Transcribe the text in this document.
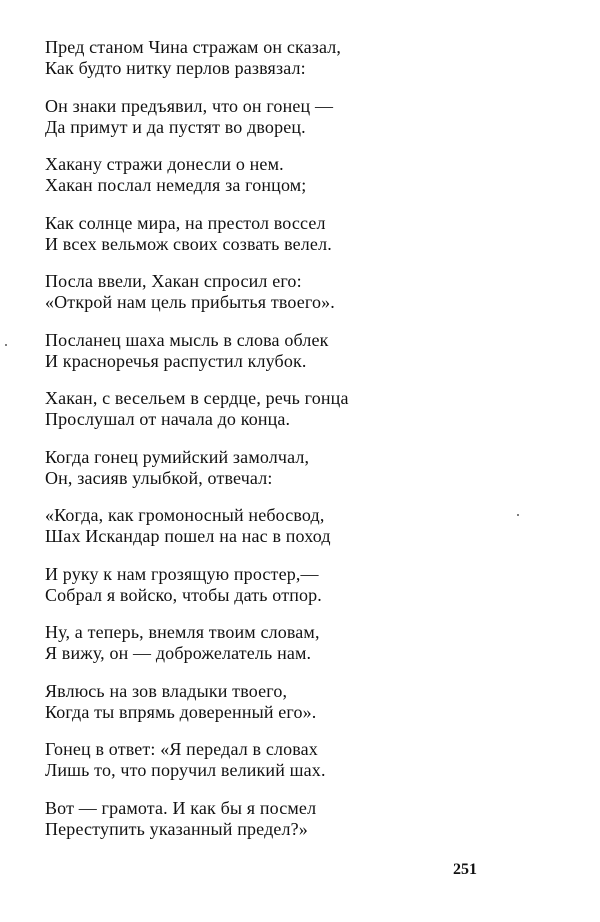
Пред станом Чина стражам он сказал,
Как будто нитку перлов развязал:
Он знаки предъявил, что он гонец —
Да примут и да пустят во дворец.
Хакану стражи донесли о нем.
Хакан послал немедля за гонцом;
Как солнце мира, на престол воссел
И всех вельмож своих созвать велел.
Посла ввели, Хакан спросил его:
«Открой нам цель прибытья твоего».
Посланец шаха мысль в слова облек
И красноречья распустил клубок.
Хакан, с весельем в сердце, речь гонца
Прослушал от начала до конца.
Когда гонец румийский замолчал,
Он, засияв улыбкой, отвечал:
«Когда, как громоносный небосвод,
Шах Искандар пошел на нас в поход
И руку к нам грозящую простер,—
Собрал я войско, чтобы дать отпор.
Ну, а теперь, внемля твоим словам,
Я вижу, он — доброжелатель нам.
Явлюсь на зов владыки твоего,
Когда ты впрямь доверенный его».
Гонец в ответ: «Я передал в словах
Лишь то, что поручил великий шах.
Вот — грамота. И как бы я посмел
Переступить указанный предел?»
251
